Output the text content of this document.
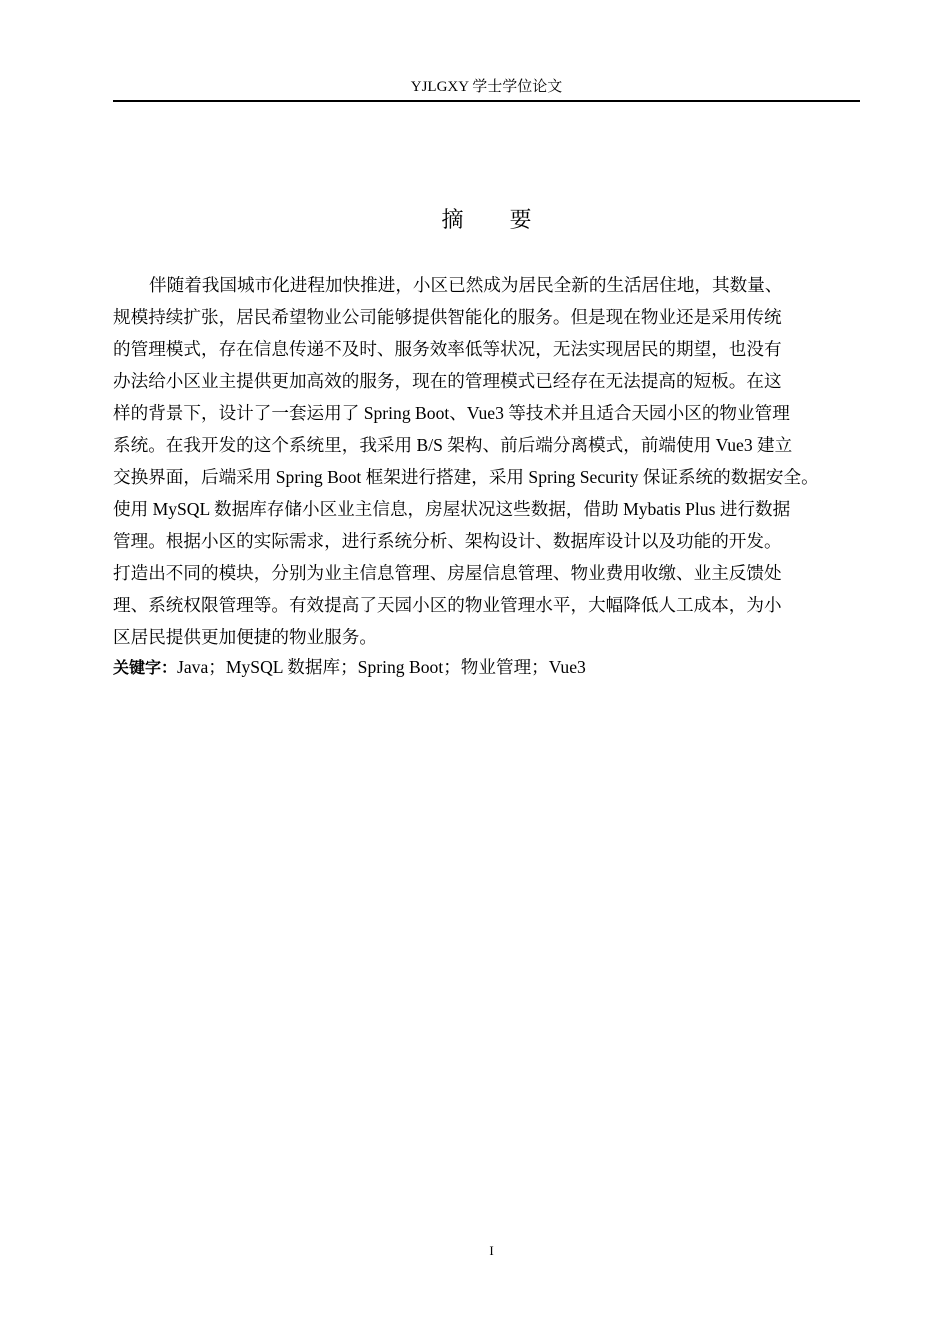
YJLGXY 学士学位论文
摘 要
伴随着我国城市化进程加快推进，小区已然成为居民全新的生活居住地，其数量、
规模持续扩张，居民希望物业公司能够提供智能化的服务。但是现在物业还是采用传统
的管理模式，存在信息传递不及时、服务效率低等状况，无法实现居民的期望，也没有
办法给小区业主提供更加高效的服务，现在的管理模式已经存在无法提高的短板。在这
样的背景下，设计了一套运用了 Spring Boot、Vue3 等技术并且适合天园小区的物业管理
系统。在我开发的这个系统里，我采用 B/S 架构、前后端分离模式，前端使用 Vue3 建立
交换界面，后端采用 Spring Boot 框架进行搭建，采用 Spring Security 保证系统的数据安全。
使用 MySQL 数据库存储小区业主信息，房屋状况这些数据，借助 Mybatis Plus 进行数据
管理。根据小区的实际需求，进行系统分析、架构设计、数据库设计以及功能的开发。
打造出不同的模块，分别为业主信息管理、房屋信息管理、物业费用收缴、业主反馈处
理、系统权限管理等。有效提高了天园小区的物业管理水平，大幅降低人工成本，为小
区居民提供更加便捷的物业服务。
关键字：Java；MySQL 数据库；Spring Boot；物业管理；Vue3
I
